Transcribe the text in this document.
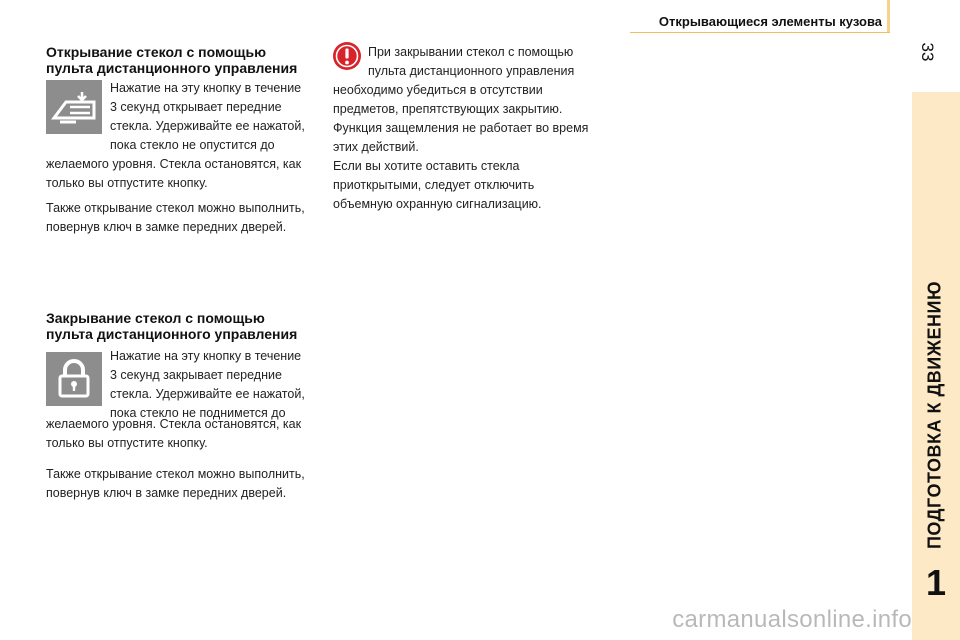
Открывающиеся элементы кузова
33
ПОДГОТОВКА К ДВИЖЕНИЮ
1
Открывание стекол с помощью
пульта дистанционного управления
Нажатие на эту кнопку в течение
3 секунд открывает передние
стекла. Удерживайте ее нажатой,
пока стекло не опустится до
желаемого уровня. Стекла остановятся, как
только вы отпустите кнопку.
Также открывание стекол можно выполнить,
повернув ключ в замке передних дверей.
Закрывание стекол с помощью
пульта дистанционного управления
Нажатие на эту кнопку в течение
3 секунд закрывает передние
стекла. Удерживайте ее нажатой,
пока стекло не поднимется до
желаемого уровня. Стекла остановятся, как
только вы отпустите кнопку.
Также открывание стекол можно выполнить,
повернув ключ в замке передних дверей.
При закрывании стекол с помощью
пульта дистанционного управления
необходимо убедиться в отсутствии
предметов, препятствующих закрытию.
Функция защемления не работает во время
этих действий.
Если вы хотите оставить стекла
приоткрытыми, следует отключить
объемную охранную сигнализацию.
carmanualsonline.info
